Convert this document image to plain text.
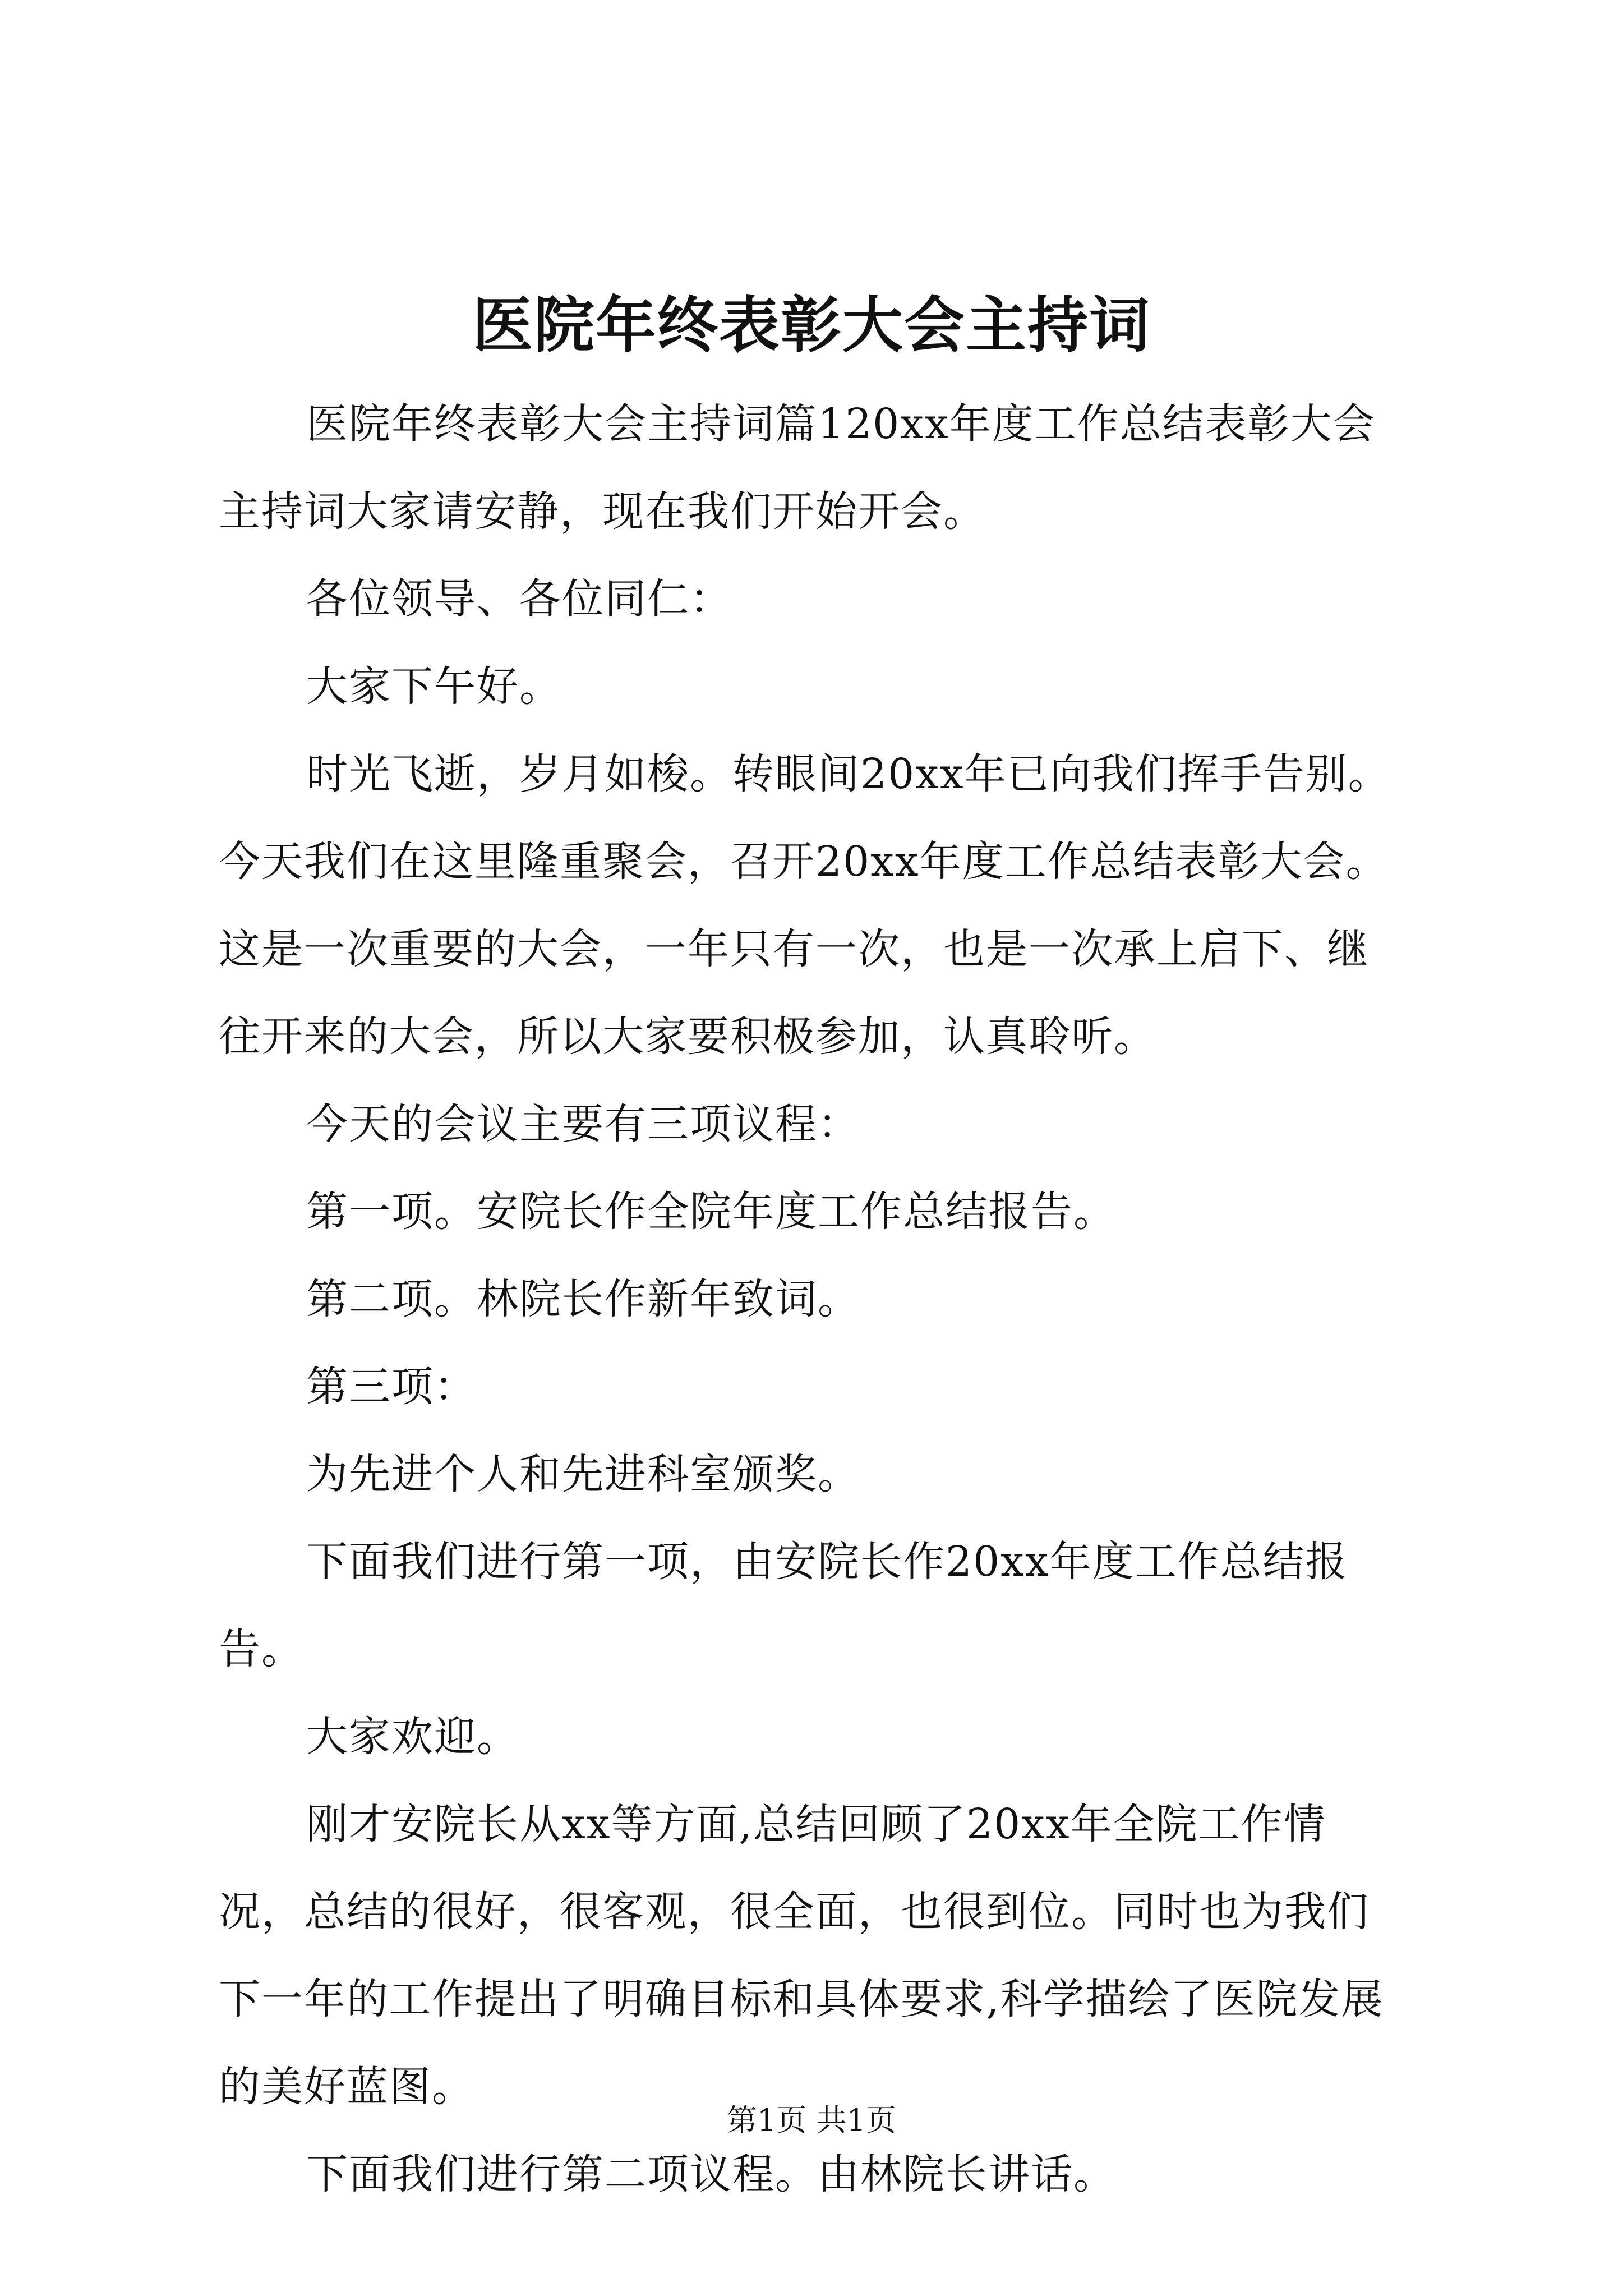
医院年终表彰大会主持词

医院年终表彰大会主持词篇120xx年度工作总结表彰大会主持词大家请安静，现在我们开始开会。

各位领导、各位同仁：

大家下午好。

时光飞逝，岁月如梭。转眼间20xx年已向我们挥手告别。今天我们在这里隆重聚会，召开20xx年度工作总结表彰大会。这是一次重要的大会，一年只有一次，也是一次承上启下、继往开来的大会，所以大家要积极参加，认真聆听。

今天的会议主要有三项议程：

第一项。安院长作全院年度工作总结报告。

第二项。林院长作新年致词。

第三项：

为先进个人和先进科室颁奖。

下面我们进行第一项，由安院长作20xx年度工作总结报告。

大家欢迎。

刚才安院长从xx等方面,总结回顾了20xx年全院工作情况，总结的很好，很客观，很全面，也很到位。同时也为我们下一年的工作提出了明确目标和具体要求,科学描绘了医院发展的美好蓝图。

下面我们进行第二项议程。由林院长讲话。

第1页 共1页
